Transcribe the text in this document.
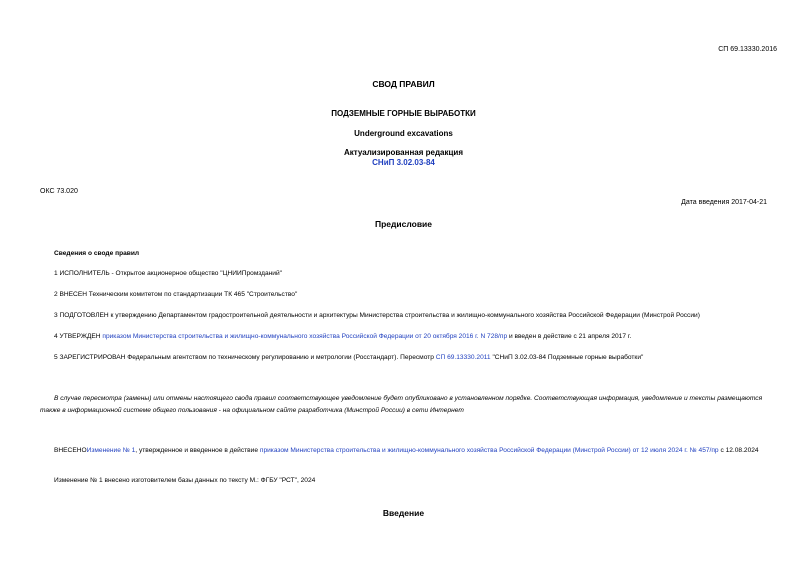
СП 69.13330.2016
СВОД ПРАВИЛ
ПОДЗЕМНЫЕ ГОРНЫЕ ВЫРАБОТКИ
Underground excavations
Актуализированная редакция
СНиП 3.02.03-84
ОКС 73.020
Дата введения 2017-04-21
Предисловие
Сведения о своде правил
1 ИСПОЛНИТЕЛЬ - Открытое акционерное общество "ЦНИИПромзданий"
2 ВНЕСЕН Техническим комитетом по стандартизации ТК 465 "Строительство"
3 ПОДГОТОВЛЕН к утверждению Департаментом градостроительной деятельности и архитектуры Министерства строительства и жилищно-коммунального хозяйства Российской Федерации (Минстрой России)
4 УТВЕРЖДЕН приказом Министерства строительства и жилищно-коммунального хозяйства Российской Федерации от 20 октября 2016 г. N 728/пр и введен в действие с 21 апреля 2017 г.
5 ЗАРЕГИСТРИРОВАН Федеральным агентством по техническому регулированию и метрологии (Росстандарт). Пересмотр СП 69.13330.2011 "СНиП 3.02.03-84 Подземные горные выработки"
В случае пересмотра (замены) или отмены настоящего свода правил соответствующее уведомление будет опубликовано в установленном порядке. Соответствующая информация, уведомление и тексты размещаются также в информационной системе общего пользования - на официальном сайте разработчика (Минстрой России) в сети Интернет
ВНЕСЕНОИзменение № 1, утвержденное и введенное в действие приказом Министерства строительства и жилищно-коммунального хозяйства Российской Федерации (Минстрой России) от 12 июля 2024 г. № 457/пр с 12.08.2024
Изменение № 1 внесено изготовителем базы данных по тексту М.: ФГБУ "РСТ", 2024
Введение
